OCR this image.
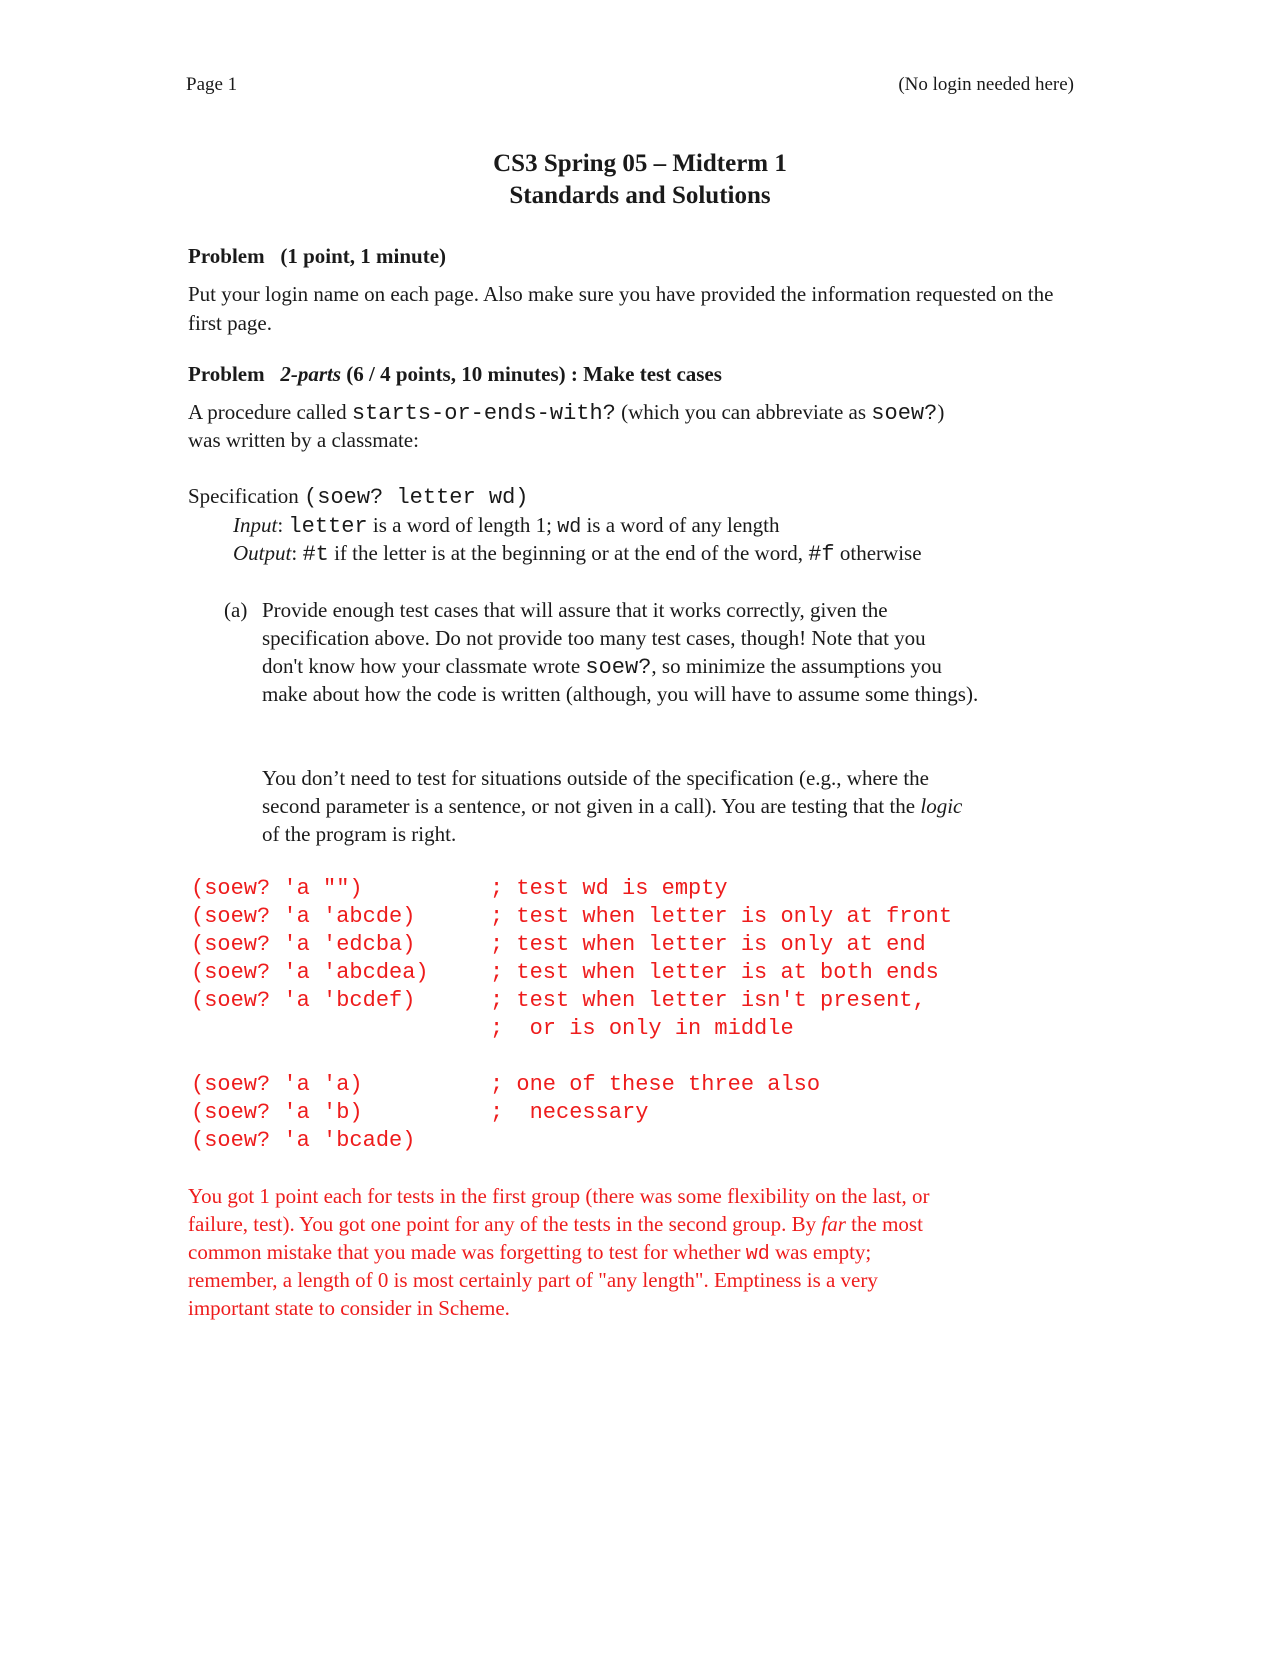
Page 1	(No login needed here)
CS3 Spring 05 – Midterm 1
Standards and Solutions
Problem   (1 point, 1 minute)
Put your login name on each page. Also make sure you have provided the information requested on the first page.
Problem 2-parts (6 / 4 points, 10 minutes) : Make test cases
A procedure called starts-or-ends-with? (which you can abbreviate as soew?)
was written by a classmate:
Specification (soew? letter wd)
Input: letter is a word of length 1; wd is a word of any length
Output: #t if the letter is at the beginning or at the end of the word, #f otherwise
(a) Provide enough test cases that will assure that it works correctly, given the
specification above. Do not provide too many test cases, though! Note that you
don't know how your classmate wrote soew?, so minimize the assumptions you
make about how the code is written (although, you will have to assume some things).
You don’t need to test for situations outside of the specification (e.g., where the
second parameter is a sentence, or not given in a call). You are testing that the logic
of the program is right.
(soew? 'a "")	; test wd is empty
(soew? 'a 'abcde)	; test when letter is only at front
(soew? 'a 'edcba)	; test when letter is only at end
(soew? 'a 'abcdea)	; test when letter is at both ends
(soew? 'a 'bcdef)	; test when letter isn't present,
;  or is only in middle
(soew? 'a 'a)	; one of these three also
(soew? 'a 'b)	;  necessary
(soew? 'a 'bcade)
You got 1 point each for tests in the first group (there was some flexibility on the last, or
failure, test). You got one point for any of the tests in the second group. By far the most
common mistake that you made was forgetting to test for whether wd was empty;
remember, a length of 0 is most certainly part of "any length". Emptiness is a very
important state to consider in Scheme.
